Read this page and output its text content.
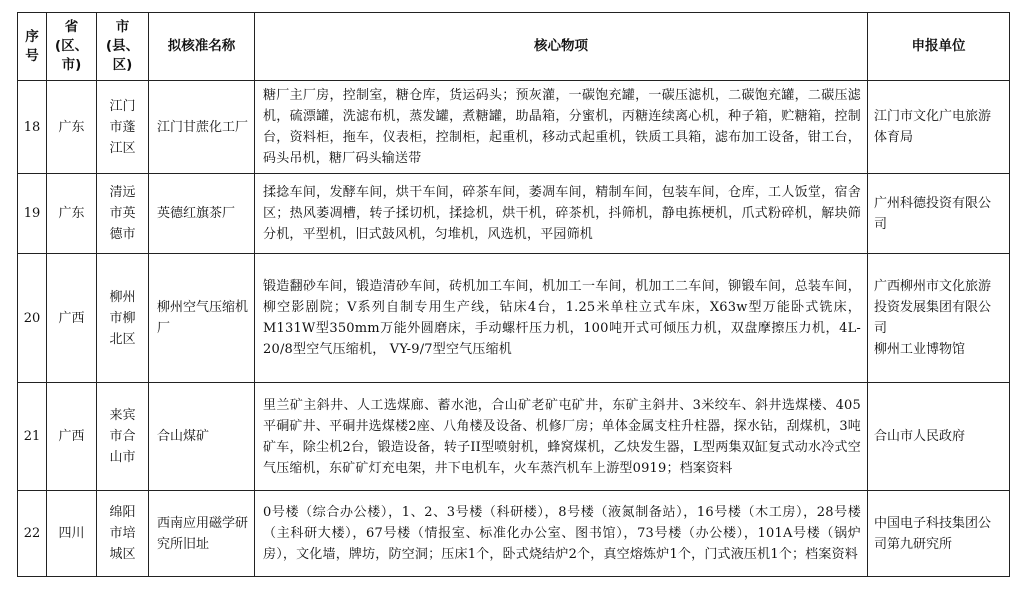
序号	省(区、市)	市(县、区)	拟核准名称	核心物项	申报单位
18	广东	江门市蓬江区	江门甘蔗化工厂	糖厂主厂房，控制室，糖仓库，货运码头；预灰灌，一碳饱充罐，一碳压滤机，二碳饱充罐，二碳压滤机，硫漂罐，洗滤布机，蒸发罐，煮糖罐，助晶箱，分蜜机，丙糖连续离心机，种子箱，贮糖箱，控制台，资料柜，拖车，仪表柜，控制柜，起重机，移动式起重机，铁质工具箱，滤布加工设备，钳工台，码头吊机，糖厂码头输送带	江门市文化广电旅游体育局
19	广东	清远市英德市	英德红旗茶厂	揉捻车间，发酵车间，烘干车间，碎茶车间，萎凋车间，精制车间，包装车间，仓库，工人饭堂，宿舍区；热风萎凋槽，转子揉切机，揉捻机，烘干机，碎茶机，抖筛机，静电拣梗机，爪式粉碎机，解块筛分机，平型机，旧式鼓风机，匀堆机，风选机，平园筛机	广州科德投资有限公司
20	广西	柳州市柳北区	柳州空气压缩机厂	锻造翻砂车间，锻造清砂车间，砖机加工车间，机加工一车间，机加工二车间，铆锻车间，总装车间，柳空影剧院；V系列自制专用生产线，钻床4台，1.25米单柱立式车床，X63w型万能卧式铣床，M131W型350mm万能外圆磨床，手动螺杆压力机，100吨开式可倾压力机，双盘摩擦压力机，4L-20/8型空气压缩机， VY-9/7型空气压缩机	广西柳州市文化旅游投资发展集团有限公司
柳州工业博物馆
21	广西	来宾市合山市	合山煤矿	里兰矿主斜井、人工选煤廊、蓄水池，合山矿老矿屯矿井，东矿主斜井、3米绞车、斜井选煤楼、405平硐矿井、平硐井选煤楼2座、八角楼及设备、机修厂房；单体金属支柱升柱器，探水钻，刮煤机，3吨矿车，除尘机2台，锻造设备，转子II型喷射机，蜂窝煤机，乙炔发生器，L型两集双缸复式动水冷式空气压缩机，东矿矿灯充电架，井下电机车，火车蒸汽机车上游型0919；档案资料	合山市人民政府
22	四川	绵阳市培城区	西南应用磁学研究所旧址	0号楼（综合办公楼），1、2、3号楼（科研楼），8号楼（液氮制备站），16号楼（木工房），28号楼（主科研大楼），67号楼（情报室、标准化办公室、图书馆），73号楼（办公楼），101A号楼（锅炉房），文化墙，牌坊，防空洞；压床1个，卧式烧结炉2个，真空熔炼炉1个，门式液压机1个；档案资料	中国电子科技集团公司第九研究所
